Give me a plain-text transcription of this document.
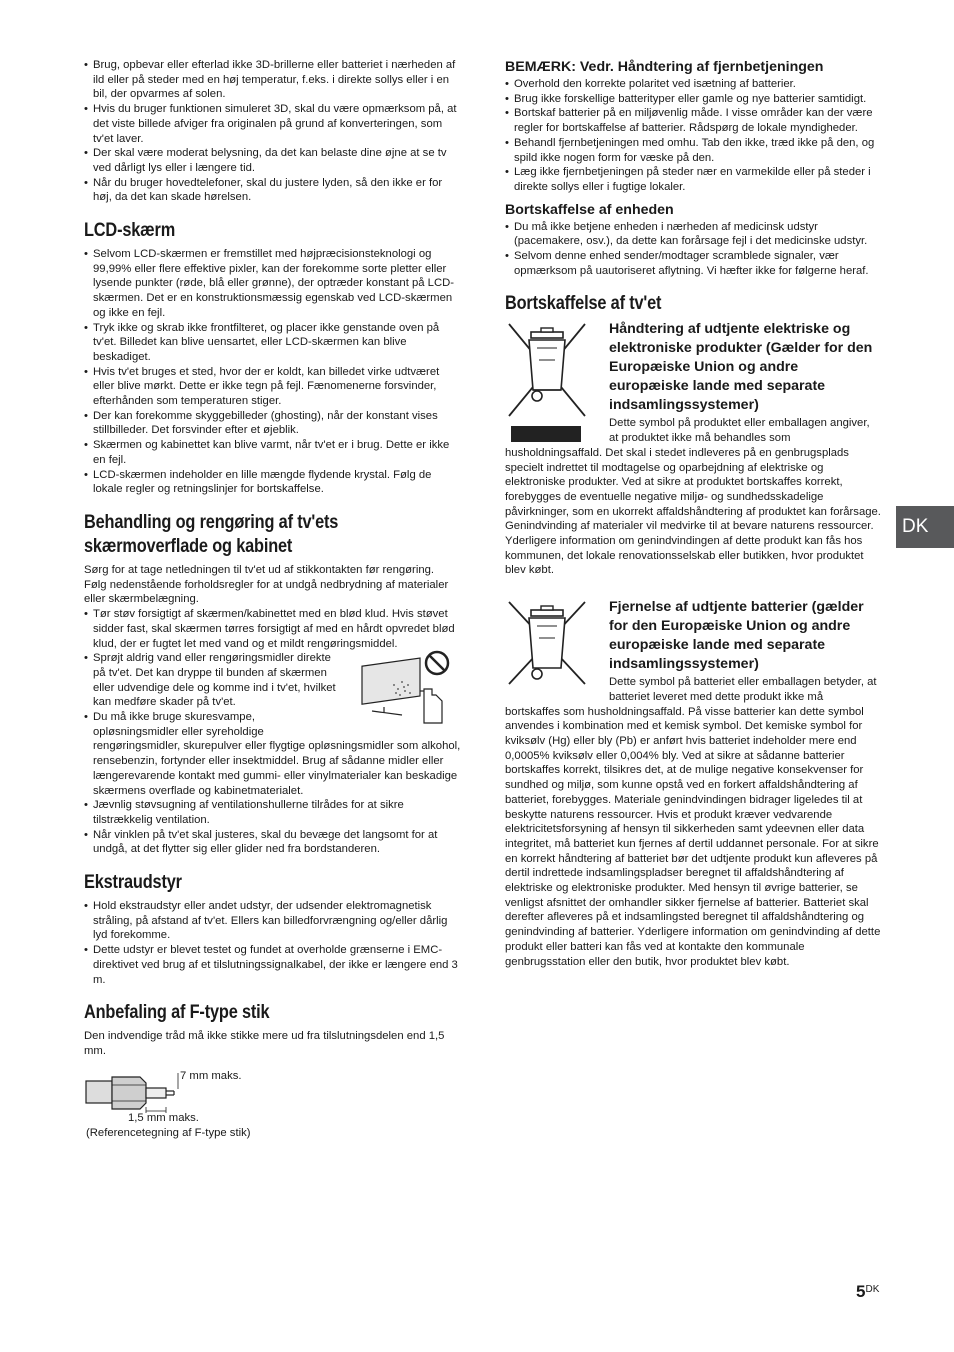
• Brug, opbevar eller efterlad ikke 3D-brillerne eller batteriet i nærheden af ild eller på steder med en høj temperatur, f.eks. i direkte sollys eller i en bil, der opvarmes af solen.
• Hvis du bruger funktionen simuleret 3D, skal du være opmærksom på, at det viste billede afviger fra originalen på grund af konverteringen, som tv'et laver.
• Der skal være moderat belysning, da det kan belaste dine øjne at se tv ved dårligt lys eller i længere tid.
• Når du bruger hovedtelefoner, skal du justere lyden, så den ikke er for høj, da det kan skade hørelsen.
LCD-skærm
• Selvom LCD-skærmen er fremstillet med højpræcisionsteknologi og 99,99% eller flere effektive pixler, kan der forekomme sorte pletter eller lysende punkter (røde, blå eller grønne), der optræder konstant på LCD-skærmen. Det er en konstruktionsmæssig egenskab ved LCD-skærmen og ikke en fejl.
• Tryk ikke og skrab ikke frontfilteret, og placer ikke genstande oven på tv'et. Billedet kan blive uensartet, eller LCD-skærmen kan blive beskadiget.
• Hvis tv'et bruges et sted, hvor der er koldt, kan billedet virke udtværet eller blive mørkt. Dette er ikke tegn på fejl. Fænomenerne forsvinder, efterhånden som temperaturen stiger.
• Der kan forekomme skyggebilleder (ghosting), når der konstant vises stillbilleder. Det forsvinder efter et øjeblik.
• Skærmen og kabinettet kan blive varmt, når tv'et er i brug. Dette er ikke en fejl.
• LCD-skærmen indeholder en lille mængde flydende krystal. Følg de lokale regler og retningslinjer for bortskaffelse.
Behandling og rengøring af tv'ets skærmoverflade og kabinet

Sørg for at tage netledningen til tv'et ud af stikkontakten før rengøring.

Følg nedenstående forholdsregler for at undgå nedbrydning af materialer eller skærmbelægning.

• Tør støv forsigtigt af skærmen/kabinettet med en blød klud. Hvis støvet sidder fast, skal skærmen tørres forsigtigt af med en hårdt opvredet blød klud, der er fugtet let med vand og et mildt rengøringsmiddel.
• Sprøjt aldrig vand eller rengøringsmidler direkte på tv'et. Det kan dryppe til bunden af skærmen eller udvendige dele og komme ind i tv'et, hvilket kan medføre skader på tv'et.
• Du må ikke bruge skuresvampe, opløsningsmidler eller syreholdige rengøringsmidler, skurepulver eller flygtige opløsningsmidler som alkohol, rensebenzin, fortynder eller insektmiddel. Brug af sådanne midler eller længerevarende kontakt med gummi- eller vinylmaterialer kan beskadige skærmens overflade og kabinetmaterialet.
• Jævnlig støvsugning af ventilationshullerne tilrådes for at sikre tilstrækkelig ventilation.
• Når vinklen på tv'et skal justeres, skal du bevæge det langsomt for at undgå, at det flytter sig eller glider ned fra bordstanderen.
Ekstraudstyr
• Hold ekstraudstyr eller andet udstyr, der udsender elektromagnetisk stråling, på afstand af tv'et. Ellers kan billedforvrængning og/eller dårlig lyd forekomme.
• Dette udstyr er blevet testet og fundet at overholde grænserne i EMC-direktivet ved brug af et tilslutningssignalkabel, der ikke er længere end 3 m.
Anbefaling af F-type stik

Den indvendige tråd må ikke stikke mere ud fra tilslutningsdelen end 1,5 mm.

7 mm maks.
1,5 mm maks.
(Referencetegning af F-type stik)
BEMÆRK: Vedr. Håndtering af fjernbetjeningen
• Overhold den korrekte polaritet ved isætning af batterier.
• Brug ikke forskellige batterityper eller gamle og nye batterier samtidigt.
• Bortskaf batterier på en miljøvenlig måde. I visse områder kan der være regler for bortskaffelse af batterier. Rådspørg de lokale myndigheder.
• Behandl fjernbetjeningen med omhu. Tab den ikke, træd ikke på den, og spild ikke nogen form for væske på den.
• Læg ikke fjernbetjeningen på steder nær en varmekilde eller på steder i direkte sollys eller i fugtige lokaler.
Bortskaffelse af enheden
• Du må ikke betjene enheden i nærheden af medicinsk udstyr (pacemakere, osv.), da dette kan forårsage fejl i det medicinske udstyr.
• Selvom denne enhed sender/modtager scramblede signaler, vær opmærksom på uautoriseret aflytning. Vi hæfter ikke for følgerne heraf.
Bortskaffelse af tv'et
Håndtering af udtjente elektriske og elektroniske produkter (Gælder for den Europæiske Union og andre europæiske lande med separate indsamlingssystemer)

Dette symbol på produktet eller emballagen angiver, at produktet ikke må behandles som husholdningsaffald. Det skal i stedet indleveres på en genbrugsplads specielt indrettet til modtagelse og oparbejdning af elektriske og elektroniske produkter. Ved at sikre at produktet bortskaffes korrekt, forebygges de eventuelle negative miljø- og sundhedsskadelige påvirkninger, som en ukorrekt affaldshåndtering af produktet kan forårsage. Genindvinding af materialer vil medvirke til at bevare naturens ressourcer. Yderligere information om genindvindingen af dette produkt kan fås hos kommunen, det lokale renovationsselskab eller butikken, hvor produktet blev købt.

Fjernelse af udtjente batterier (gælder for den Europæiske Union og andre europæiske lande med separate indsamlingssystemer)

Dette symbol på batteriet eller emballagen betyder, at batteriet leveret med dette produkt ikke må bortskaffes som husholdningsaffald. På visse batterier kan dette symbol anvendes i kombination med et kemisk symbol. Det kemiske symbol for kviksølv (Hg) eller bly (Pb) er anført hvis batteriet indeholder mere end 0,0005% kviksølv eller 0,004% bly. Ved at sikre at sådanne batterier bortskaffes korrekt, tilsikres det, at de mulige negative konsekvenser for sundhed og miljø, som kunne opstå ved en forkert affaldshåndtering af batteriet, forebygges. Materiale genindvindingen bidrager ligeledes til at beskytte naturens ressourcer. Hvis et produkt kræver vedvarende elektricitetsforsyning af hensyn til sikkerheden samt ydeevnen eller data integritet, må batteriet kun fjernes af dertil uddannet personale. For at sikre en korrekt håndtering af batteriet bør det udtjente produkt kun afleveres på dertil indrettede indsamlingspladser beregnet til affaldshåndtering af elektriske og elektroniske produkter. Med hensyn til øvrige batterier, se venligst afsnittet der omhandler sikker fjernelse af batterier. Batteriet skal derefter afleveres på et indsamlingsted beregnet til affaldshåndtering og genindvinding af batterier. Yderligere information om genindvinding af dette produkt eller batteri kan fås ved at kontakte den kommunale genbrugsstation eller den butik, hvor produktet blev købt.

DK
$5^{DK}$
